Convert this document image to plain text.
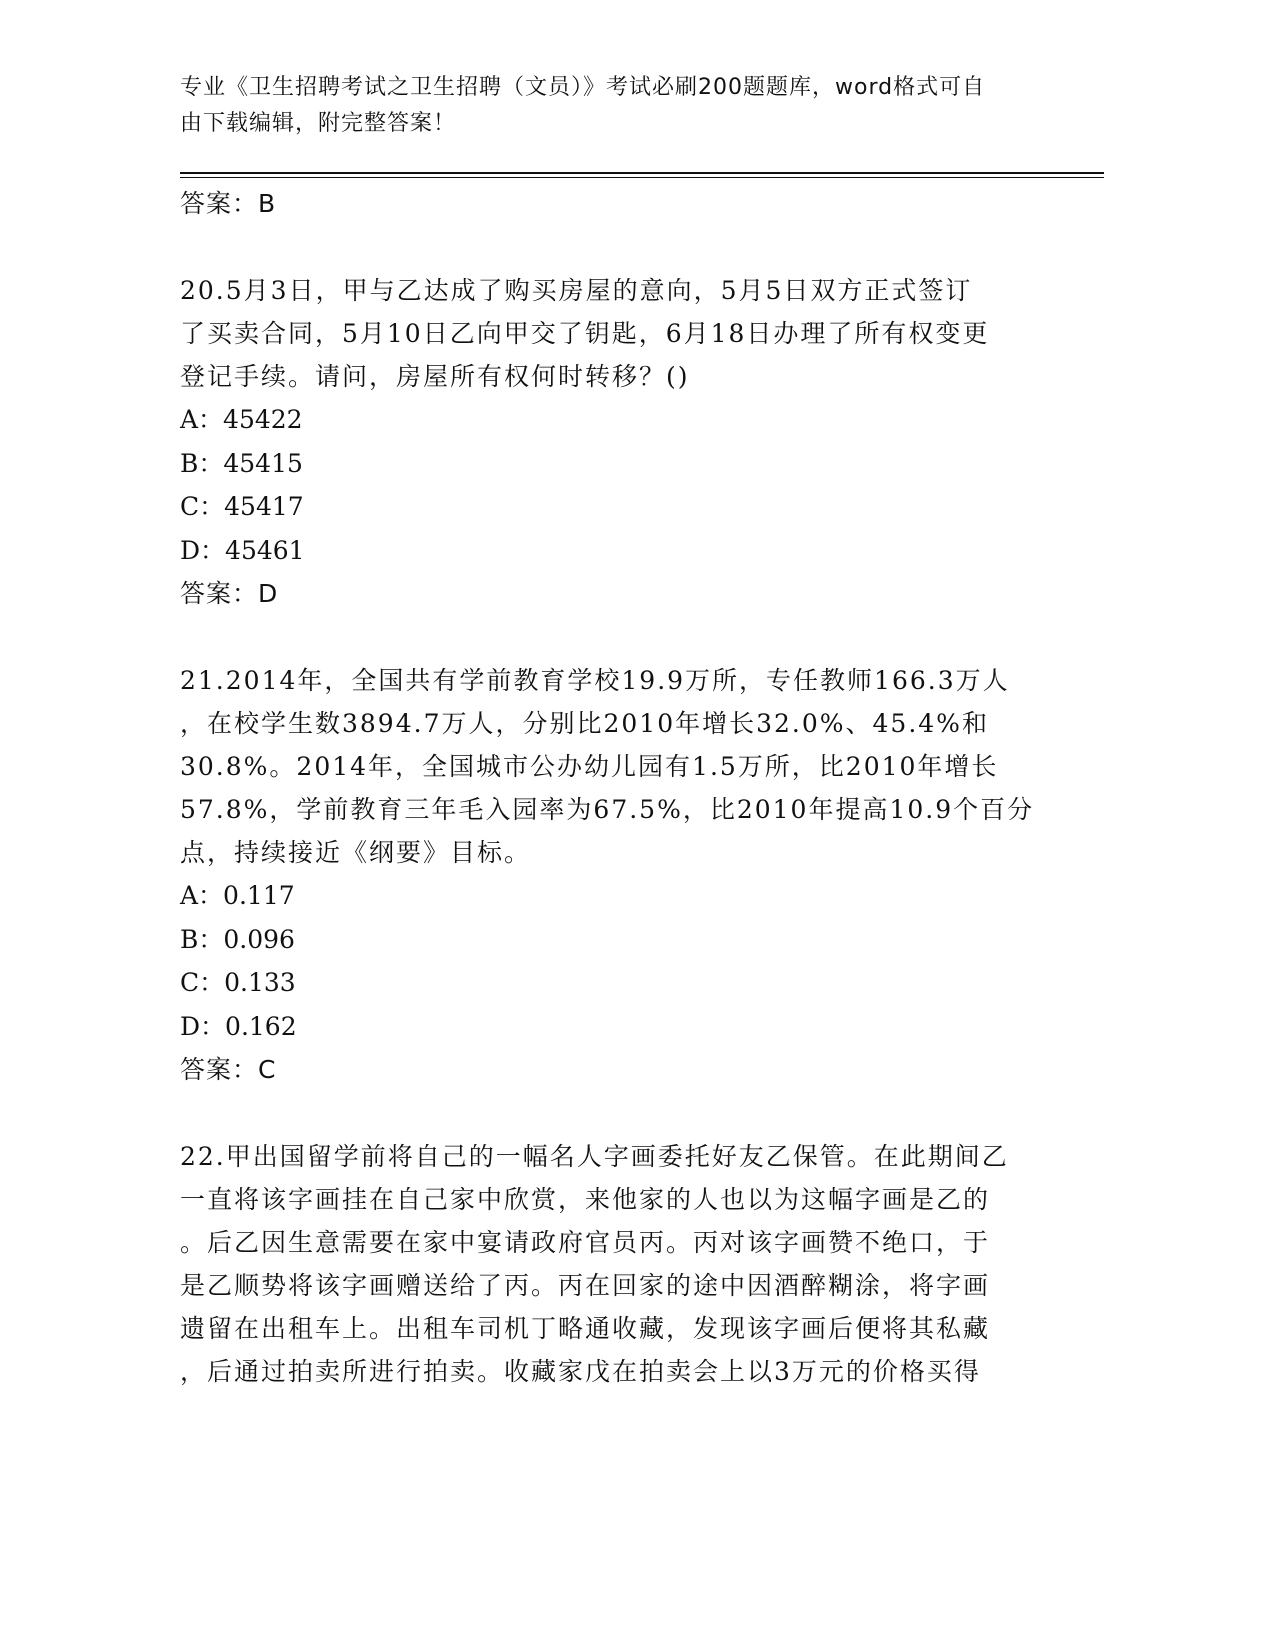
专业《卫生招聘考试之卫生招聘（文员）》考试必刷200题题库，word格式可自
由下载编辑，附完整答案！
答案：B
20.5月3日，甲与乙达成了购买房屋的意向，5月5日双方正式签订
了买卖合同，5月10日乙向甲交了钥匙，6月18日办理了所有权变更
登记手续。请问，房屋所有权何时转移？()
A：45422
B：45415
C：45417
D：45461
答案：D
21.2014年，全国共有学前教育学校19.9万所，专任教师166.3万人
，在校学生数3894.7万人，分别比2010年增长32.0%、45.4%和
30.8%。2014年，全国城市公办幼儿园有1.5万所，比2010年增长
57.8%，学前教育三年毛入园率为67.5%，比2010年提高10.9个百分
点，持续接近《纲要》目标。
A：0.117
B：0.096
C：0.133
D：0.162
答案：C
22.甲出国留学前将自己的一幅名人字画委托好友乙保管。在此期间乙
一直将该字画挂在自己家中欣赏，来他家的人也以为这幅字画是乙的
。后乙因生意需要在家中宴请政府官员丙。丙对该字画赞不绝口，于
是乙顺势将该字画赠送给了丙。丙在回家的途中因酒醉糊涂，将字画
遗留在出租车上。出租车司机丁略通收藏，发现该字画后便将其私藏
，后通过拍卖所进行拍卖。收藏家戊在拍卖会上以3万元的价格买得
